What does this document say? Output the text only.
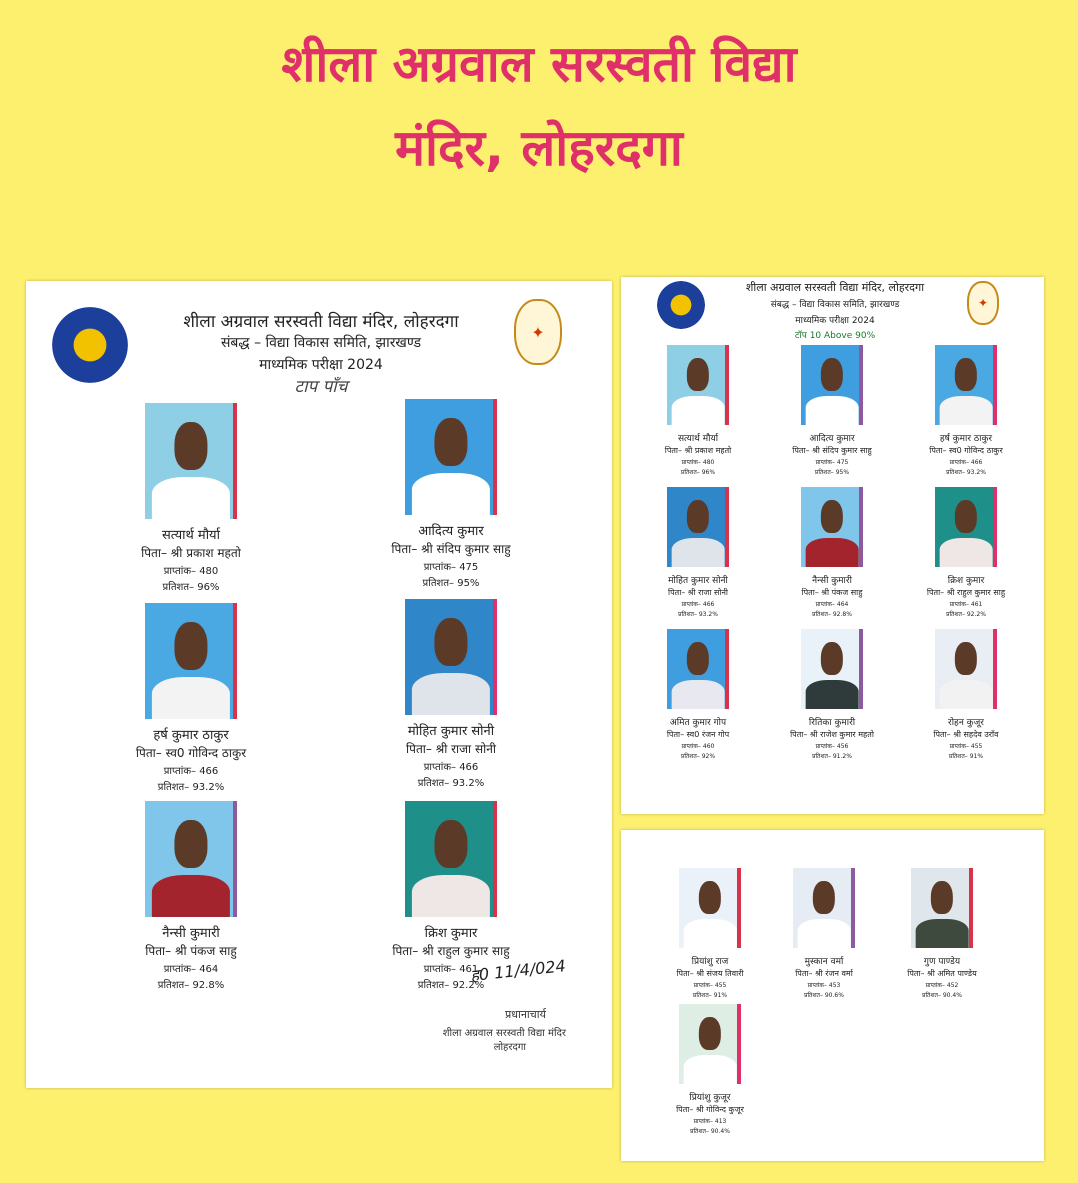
शीला अग्रवाल सरस्वती विद्या
मंदिर, लोहरदगा
✦
शीला अग्रवाल सरस्वती विद्या मंदिर, लोहरदगा
संबद्ध – विद्या विकास समिति, झारखण्ड
माध्यमिक परीक्षा 2024
टाप पाँच
सत्यार्थ मौर्या
पिता– श्री प्रकाश महतो
प्राप्तांक– 480
प्रतिशत– 96%
आदित्य कुमार
पिता– श्री संदिप कुमार साहु
प्राप्तांक– 475
प्रतिशत– 95%
हर्ष कुमार ठाकुर
पिता– स्व0 गोविन्द ठाकुर
प्राप्तांक– 466
प्रतिशत– 93.2%
मोहित कुमार सोनी
पिता– श्री राजा सोनी
प्राप्तांक– 466
प्रतिशत– 93.2%
नैन्सी कुमारी
पिता– श्री पंकज साहु
प्राप्तांक– 464
प्रतिशत– 92.8%
क्रिश कुमार
पिता– श्री राहुल कुमार साहु
प्राप्तांक– 461
प्रतिशत– 92.2%
ह0 11/4/024
प्रधानाचार्य
शीला अग्रवाल सरस्वती विद्या मंदिर
लोहरदगा
✦
शीला अग्रवाल सरस्वती विद्या मंदिर, लोहरदगा
संबद्ध – विद्या विकास समिति, झारखण्ड
माध्यमिक परीक्षा 2024
टॉप 10 Above 90%
सत्यार्थ मौर्या
पिता– श्री प्रकाश महतो
प्राप्तांक– 480
प्रतिशत– 96%
आदित्य कुमार
पिता– श्री संदिप कुमार साहु
प्राप्तांक– 475
प्रतिशत– 95%
हर्ष कुमार ठाकुर
पिता– स्व0 गोविन्द ठाकुर
प्राप्तांक– 466
प्रतिशत– 93.2%
मोहित कुमार सोनी
पिता– श्री राजा सोनी
प्राप्तांक– 466
प्रतिशत– 93.2%
नैन्सी कुमारी
पिता– श्री पंकज साहु
प्राप्तांक– 464
प्रतिशत– 92.8%
क्रिश कुमार
पिता– श्री राहुल कुमार साहु
प्राप्तांक– 461
प्रतिशत– 92.2%
अमित कुमार गोप
पिता– स्व0 रंजन गोप
प्राप्तांक– 460
प्रतिशत– 92%
रितिका कुमारी
पिता– श्री राजेश कुमार महतो
प्राप्तांक– 456
प्रतिशत– 91.2%
रोहन कुजूर
पिता– श्री सहदेव उराँव
प्राप्तांक– 455
प्रतिशत– 91%
प्रियांशु राज
पिता– श्री संजय तिवारी
प्राप्तांक– 455
प्रतिशत– 91%
मुस्कान वर्मा
पिता– श्री रंजन वर्मा
प्राप्तांक– 453
प्रतिशत– 90.6%
गुण पाण्डेय
पिता– श्री अमित पाण्डेय
प्राप्तांक– 452
प्रतिशत– 90.4%
प्रियांशु कुजूर
पिता– श्री गोविन्द कुजूर
प्राप्तांक– 413
प्रतिशत– 90.4%
